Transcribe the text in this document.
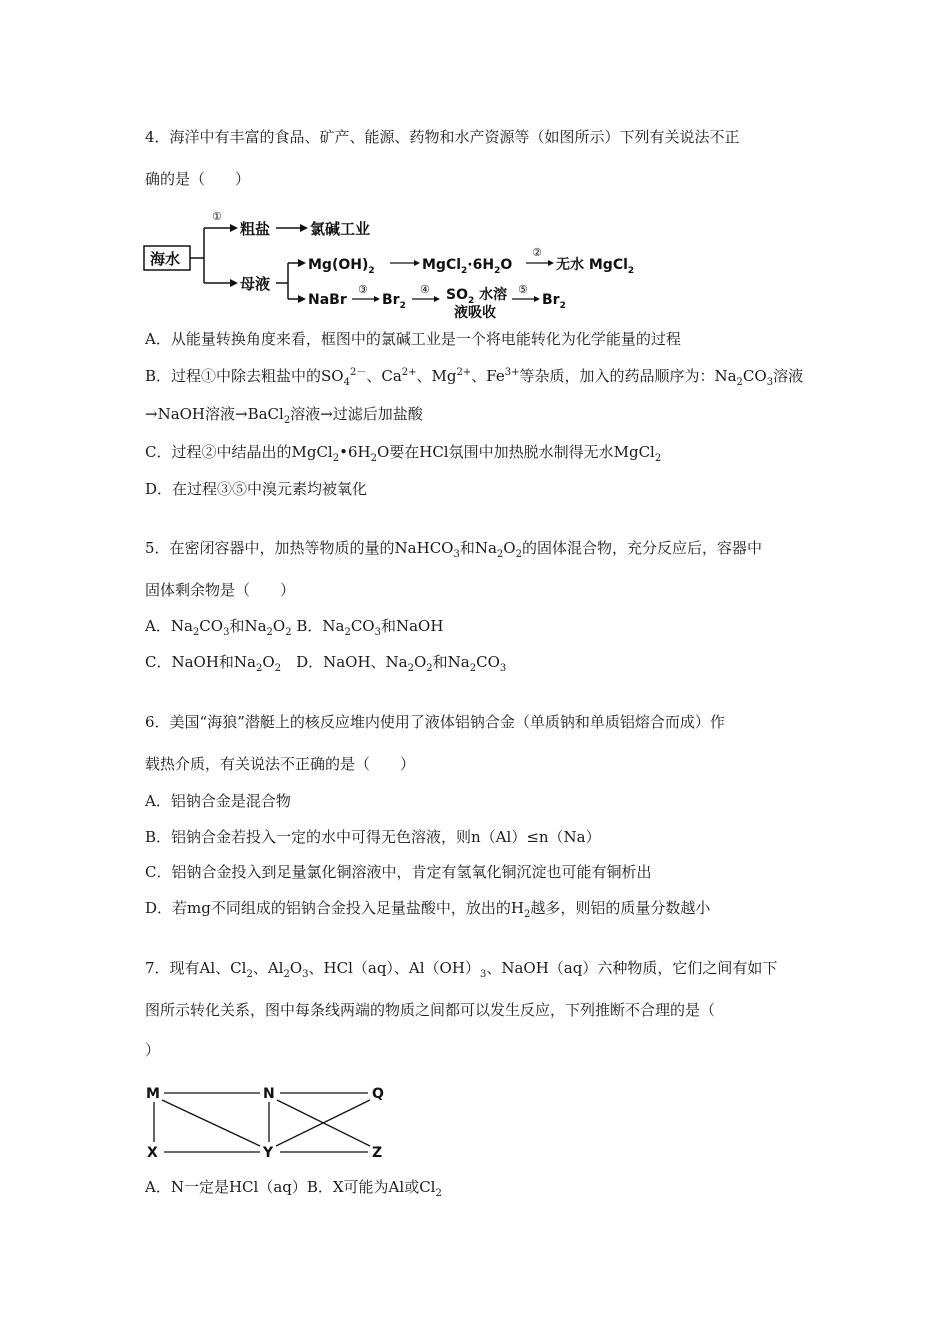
4．海洋中有丰富的食品、矿产、能源、药物和水产资源等（如图所示）下列有关说法不正
确的是（　　）
海水
①
粗盐	氯碱工业
母液
$Mg(OH)_2$	$MgCl_2\cdot 6H_2O$
②
无水 MgCl$_2$
NaBr
③
$Br_2$
④ $SO_2$ 水溶
液吸收
⑤
$Br_2$
A．从能量转换角度来看，框图中的氯碱工业是一个将电能转化为化学能量的过程
B．过程①中除去粗盐中的$SO_4^{2-}$、$Ca^{2+}$、$Mg^{2+}$、$Fe^{3+}$等杂质，加入的药品顺序为：$Na_2CO_3$溶液
→NaOH溶液→BaCl$_2$溶液→过滤后加盐酸
C．过程②中结晶出的$MgCl_2•6H_2O$要在HCl氛围中加热脱水制得无水MgCl$_2$
D．在过程③⑤中溴元素均被氧化
5．在密闭容器中，加热等物质的量的NaHCO$_3$和$Na_2O_2$的固体混合物，充分反应后，容器中
固体剩余物是（　　）
A．$Na_2CO_3$和$Na_2O_2$ B．$Na_2CO_3$和NaOH
C．NaOH和$Na_2O_2$　D．NaOH、$Na_2O_2$和$Na_2CO_3$
6．美国“海狼”潜艇上的核反应堆内使用了液体铝钠合金（单质钠和单质铝熔合而成）作
载热介质，有关说法不正确的是（　　）
A．铝钠合金是混合物
B．铝钠合金若投入一定的水中可得无色溶液，则n（Al）≤n（Na）
C．铝钠合金投入到足量氯化铜溶液中，肯定有氢氧化铜沉淀也可能有铜析出
D．若mg不同组成的铝钠合金投入足量盐酸中，放出的$H_2$越多，则铝的质量分数越小
7．现有Al、$Cl_2$、$Al_2O_3$、HCl（aq）、$Al(OH)_3$、NaOH（aq）六种物质，它们之间有如下
图所示转化关系，图中每条线两端的物质之间都可以发生反应，下列推断不合理的是（
）
M	N	Q
X	Y	Z
A．N一定是HCl（aq）B．X可能为Al或$Cl_2$
